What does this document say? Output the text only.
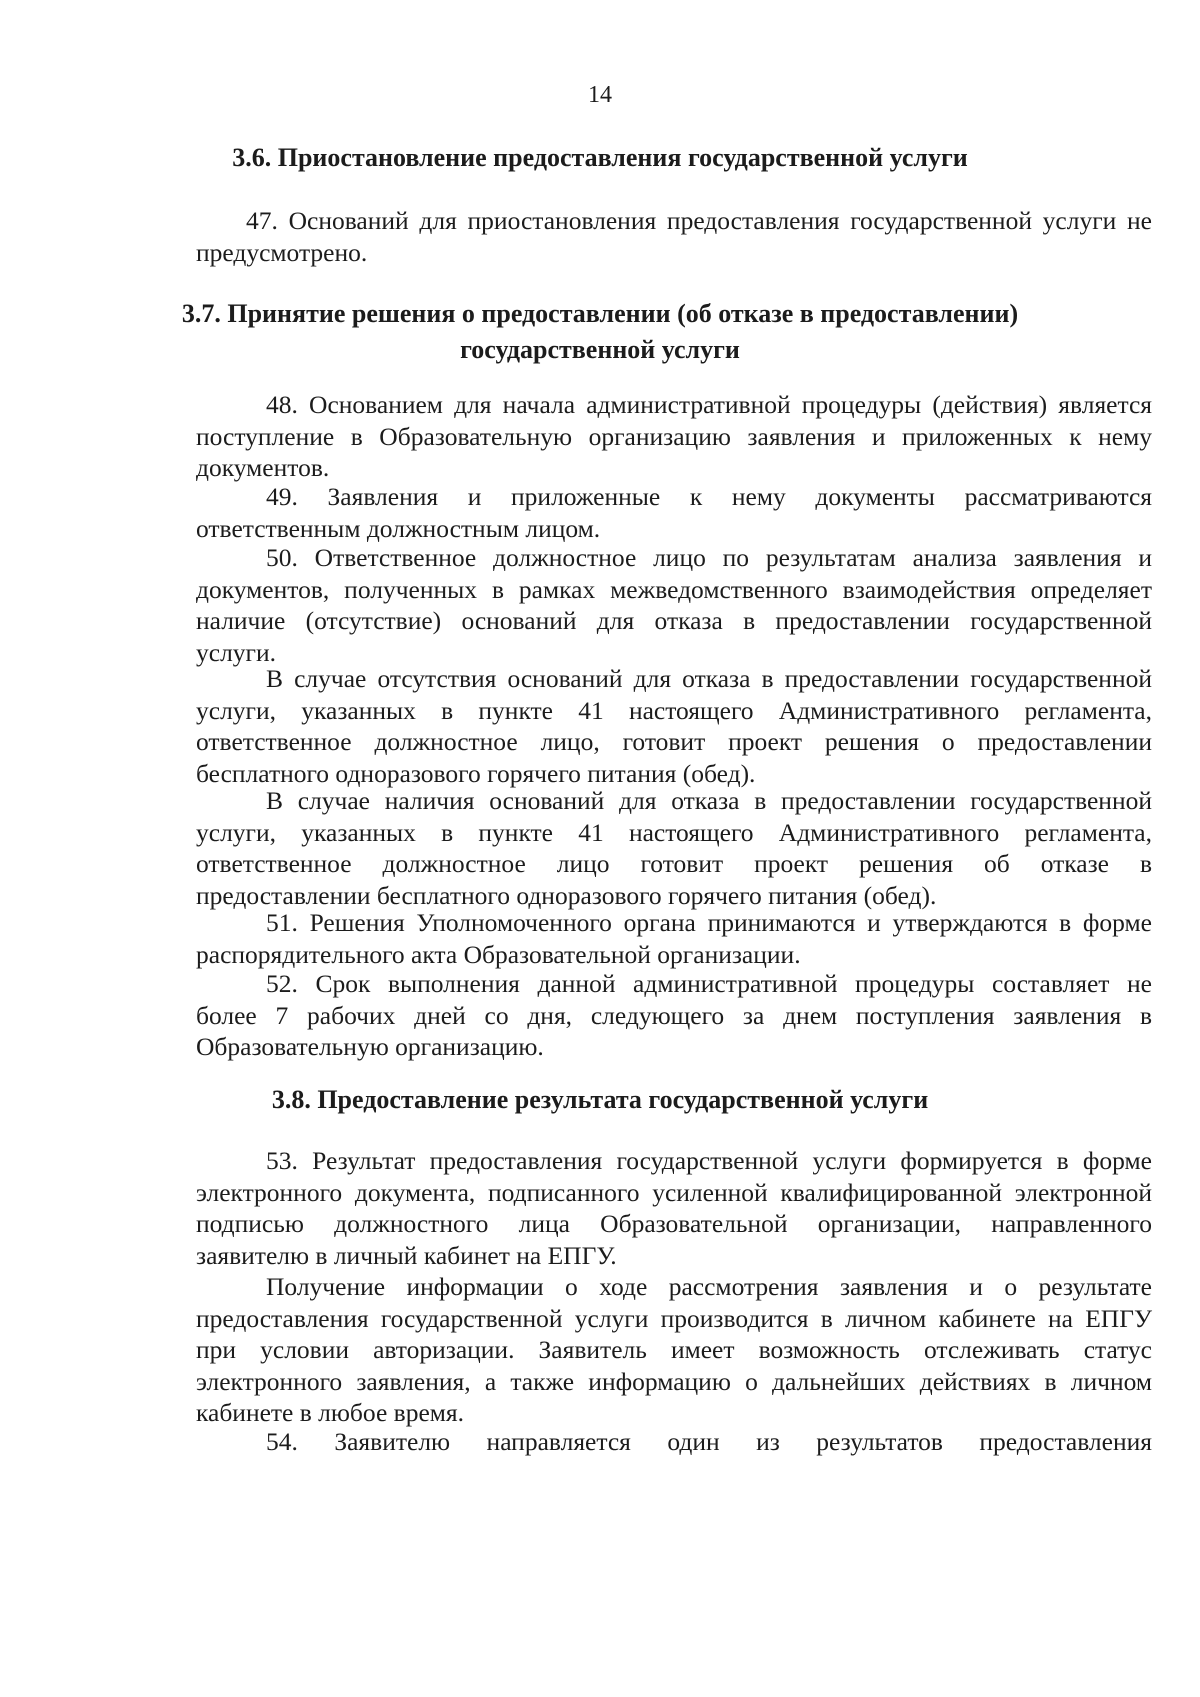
14
3.6. Приостановление предоставления государственной услуги
47. Оснований для приостановления предоставления государственной услуги не
предусмотрено.
3.7. Принятие решения о предоставлении (об отказе в предоставлении)
государственной услуги
48. Основанием для начала административной процедуры (действия) является
поступление в Образовательную организацию заявления и приложенных к нему
документов.
49. Заявления и приложенные к нему документы рассматриваются
ответственным должностным лицом.
50. Ответственное должностное лицо по результатам анализа заявления и
документов, полученных в рамках межведомственного взаимодействия определяет
наличие (отсутствие) оснований для отказа в предоставлении государственной
услуги.
В случае отсутствия оснований для отказа в предоставлении государственной
услуги, указанных в пункте 41 настоящего Административного регламента,
ответственное должностное лицо, готовит проект решения о предоставлении
бесплатного одноразового горячего питания (обед).
В случае наличия оснований для отказа в предоставлении государственной
услуги, указанных в пункте 41 настоящего Административного регламента,
ответственное должностное лицо готовит проект решения об отказе в
предоставлении бесплатного одноразового горячего питания (обед).
51. Решения Уполномоченного органа принимаются и утверждаются в форме
распорядительного акта Образовательной организации.
52. Срок выполнения данной административной процедуры составляет не
более 7 рабочих дней со дня, следующего за днем поступления заявления в
Образовательную организацию.
3.8. Предоставление результата государственной услуги
53. Результат предоставления государственной услуги формируется в форме
электронного документа, подписанного усиленной квалифицированной электронной
подписью должностного лица Образовательной организации, направленного
заявителю в личный кабинет на ЕПГУ.
Получение информации о ходе рассмотрения заявления и о результате
предоставления государственной услуги производится в личном кабинете на ЕПГУ
при условии авторизации. Заявитель имеет возможность отслеживать статус
электронного заявления, а также информацию о дальнейших действиях в личном
кабинете в любое время.
54. Заявителю направляется один из результатов предоставления
